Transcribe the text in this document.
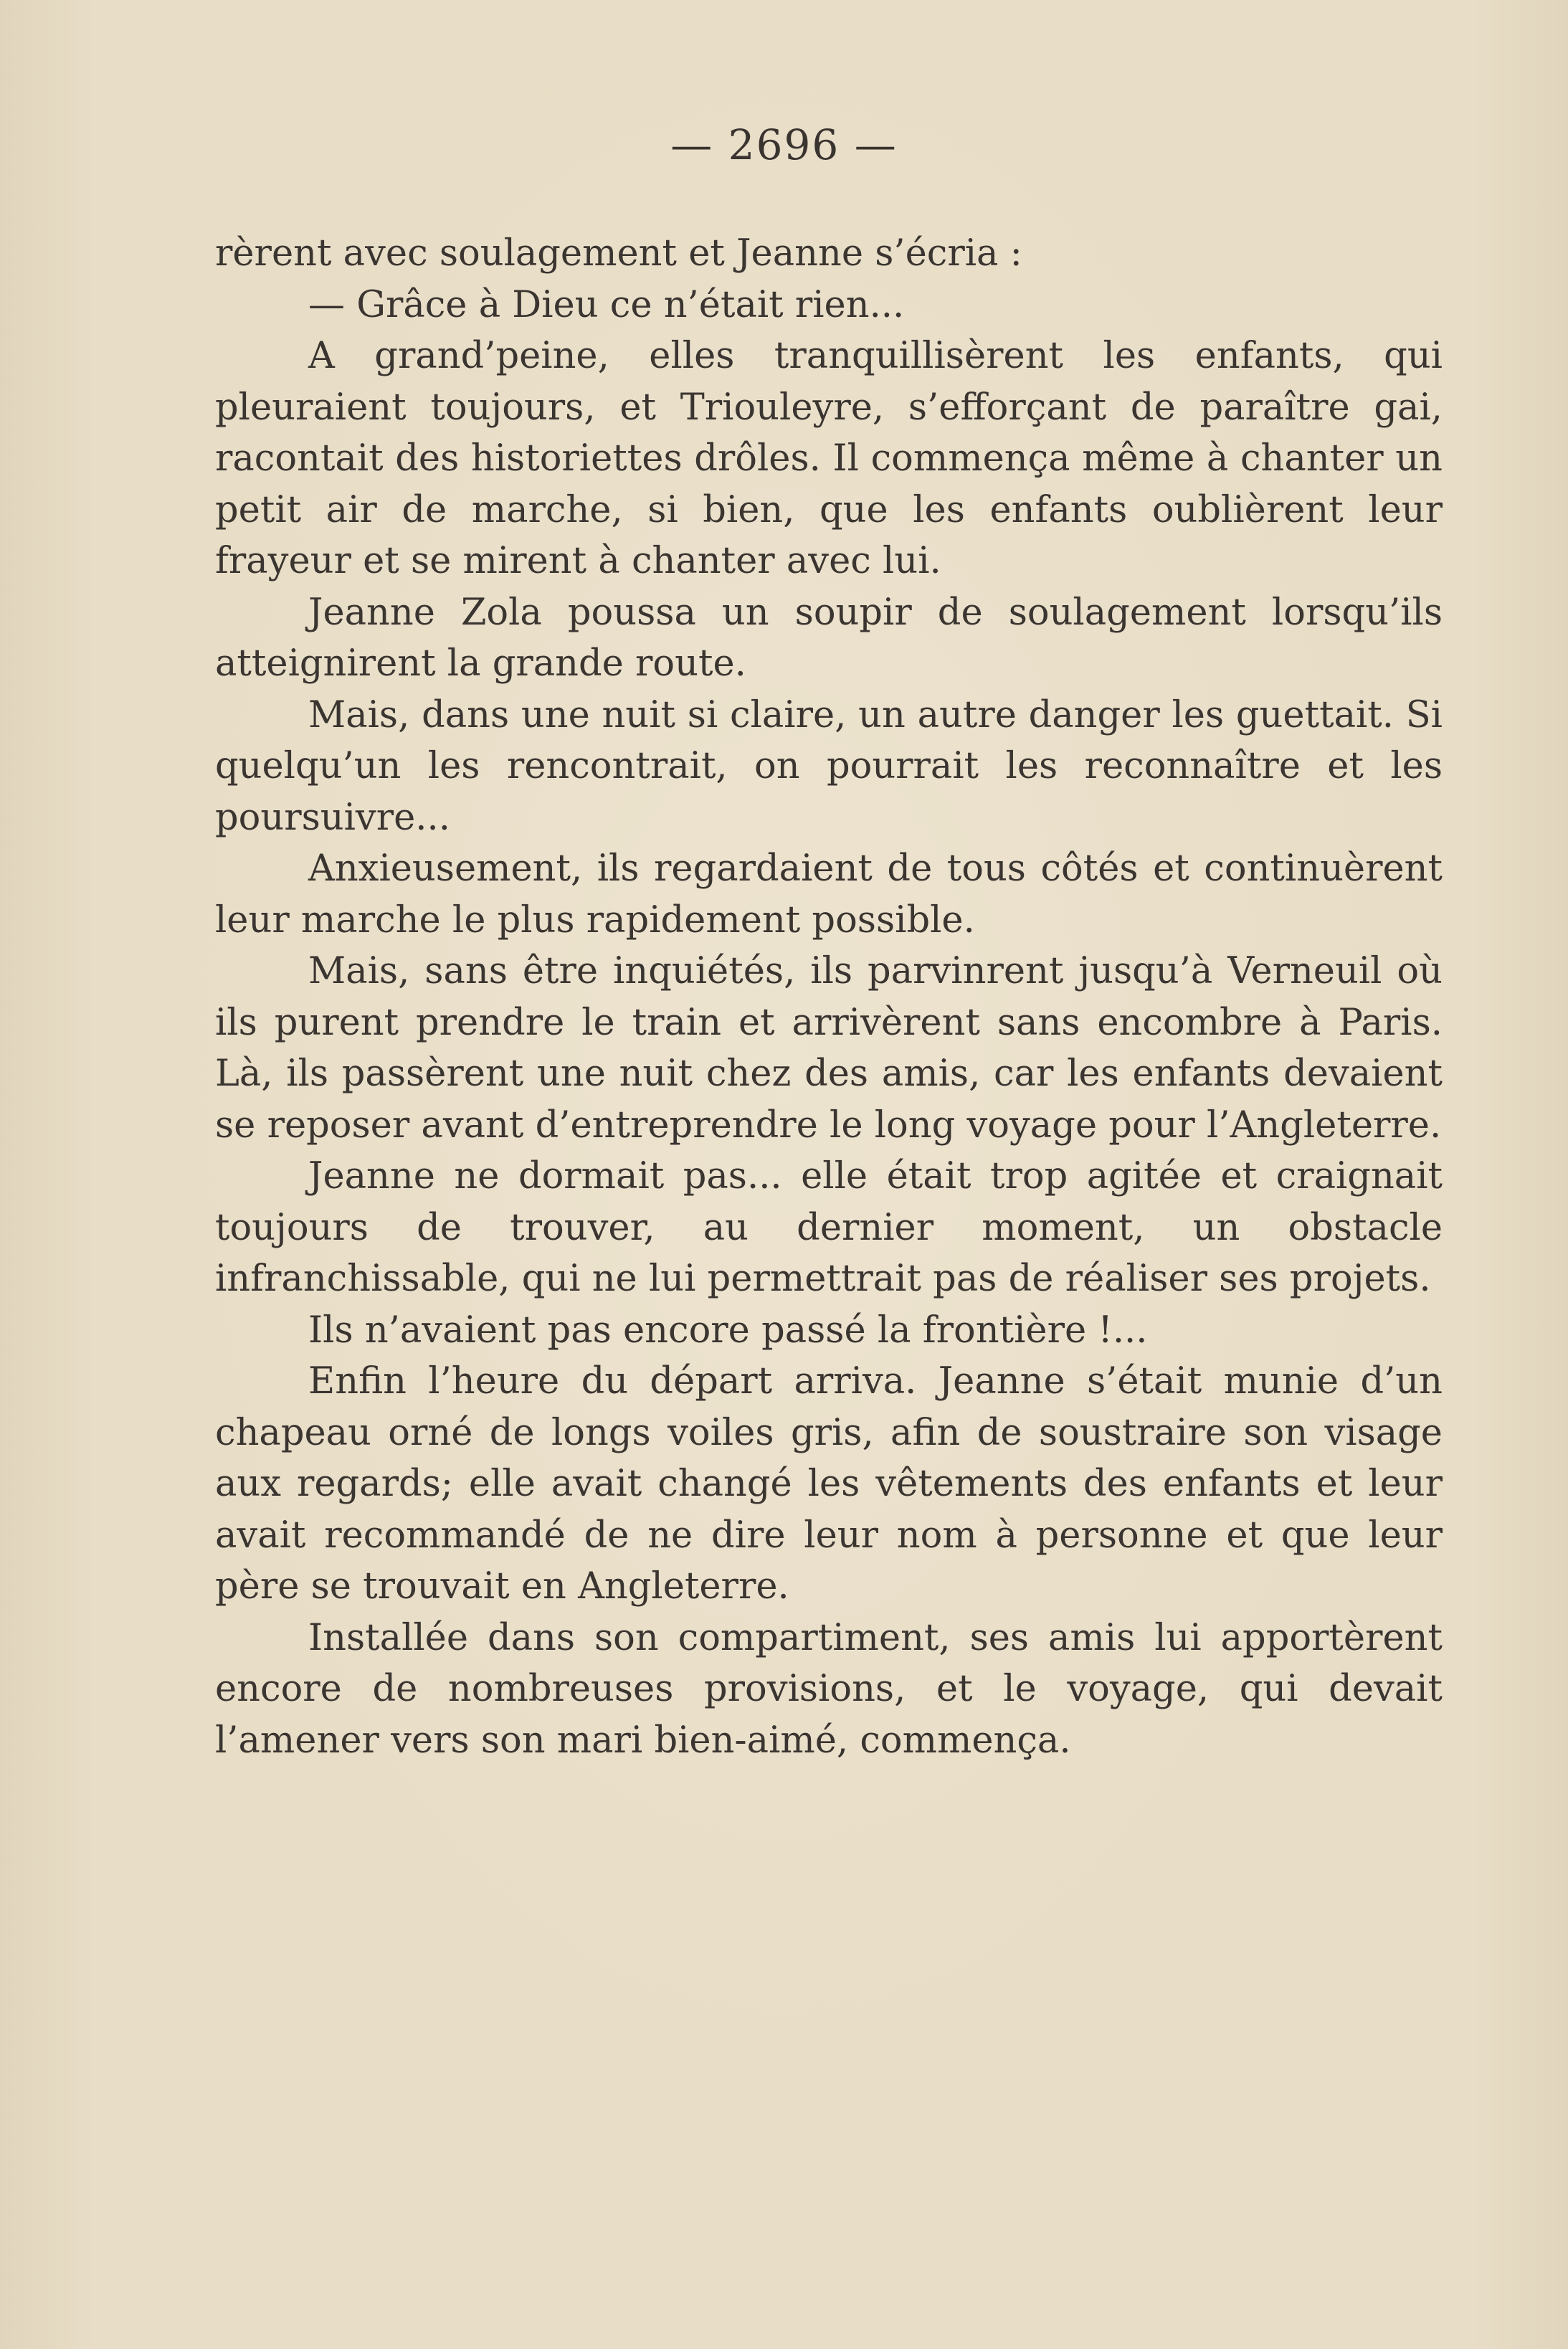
— 2696 —

rèrent avec soulagement et Jeanne s’écria :

— Grâce à Dieu ce n’était rien...

A grand’peine, elles tranquillisèrent les enfants, qui pleuraient toujours, et Triouleyre, s’efforçant de paraître gai, racontait des historiettes drôles. Il commença même à chanter un petit air de marche, si bien, que les enfants oublièrent leur frayeur et se mirent à chanter avec lui.

Jeanne Zola poussa un soupir de soulagement lorsqu’ils atteignirent la grande route.

Mais, dans une nuit si claire, un autre danger les guettait. Si quelqu’un les rencontrait, on pourrait les reconnaître et les poursuivre...

Anxieusement, ils regardaient de tous côtés et continuèrent leur marche le plus rapidement possible.

Mais, sans être inquiétés, ils parvinrent jusqu’à Verneuil où ils purent prendre le train et arrivèrent sans encombre à Paris. Là, ils passèrent une nuit chez des amis, car les enfants devaient se reposer avant d’entreprendre le long voyage pour l’Angleterre.

Jeanne ne dormait pas... elle était trop agitée et craignait toujours de trouver, au dernier moment, un obstacle infranchissable, qui ne lui permettrait pas de réaliser ses projets.

Ils n’avaient pas encore passé la frontière !...

Enfin l’heure du départ arriva. Jeanne s’était munie d’un chapeau orné de longs voiles gris, afin de soustraire son visage aux regards; elle avait changé les vêtements des enfants et leur avait recommandé de ne dire leur nom à personne et que leur père se trouvait en Angleterre.

Installée dans son compartiment, ses amis lui apportèrent encore de nombreuses provisions, et le voyage, qui devait l’amener vers son mari bien-aimé, commença.
